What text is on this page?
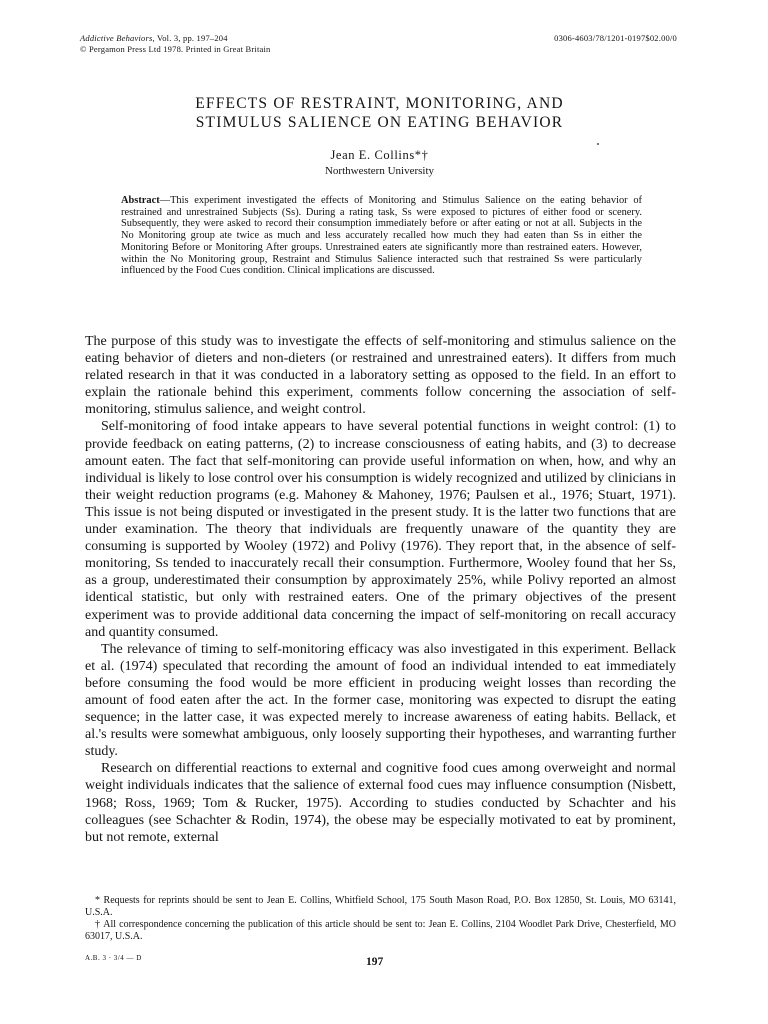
Addictive Behaviors, Vol. 3, pp. 197–204
© Pergamon Press Ltd 1978. Printed in Great Britain
0306-4603/78/1201-0197$02.00/0
EFFECTS OF RESTRAINT, MONITORING, AND
STIMULUS SALIENCE ON EATING BEHAVIOR
Jean E. Collins*†
Northwestern University

Abstract—This experiment investigated the effects of Monitoring and Stimulus Salience on the eating behavior of restrained and unrestrained Subjects (Ss). During a rating task, Ss were exposed to pictures of either food or scenery. Subsequently, they were asked to record their consumption immediately before or after eating or not at all. Subjects in the No Monitoring group ate twice as much and less accurately recalled how much they had eaten than Ss in either the Monitoring Before or Monitoring After groups. Unrestrained eaters ate significantly more than restrained eaters. However, within the No Monitoring group, Restraint and Stimulus Salience interacted such that restrained Ss were particularly influenced by the Food Cues condition. Clinical implications are discussed.

The purpose of this study was to investigate the effects of self-monitoring and stimulus salience on the eating behavior of dieters and non-dieters (or restrained and unrestrained eaters). It differs from much related research in that it was conducted in a laboratory setting as opposed to the field. In an effort to explain the rationale behind this experiment, comments follow concerning the association of self-monitoring, stimulus salience, and weight control.

Self-monitoring of food intake appears to have several potential functions in weight control: (1) to provide feedback on eating patterns, (2) to increase consciousness of eating habits, and (3) to decrease amount eaten. The fact that self-monitoring can provide useful information on when, how, and why an individual is likely to lose control over his consumption is widely recognized and utilized by clinicians in their weight reduction programs (e.g. Mahoney & Mahoney, 1976; Paulsen et al., 1976; Stuart, 1971). This issue is not being disputed or investigated in the present study. It is the latter two functions that are under examination. The theory that individuals are frequently unaware of the quantity they are consuming is supported by Wooley (1972) and Polivy (1976). They report that, in the absence of self-monitoring, Ss tended to inaccurately recall their consumption. Furthermore, Wooley found that her Ss, as a group, underestimated their consumption by approximately 25%, while Polivy reported an almost identical statistic, but only with restrained eaters. One of the primary objectives of the present experiment was to provide additional data concerning the impact of self-monitoring on recall accuracy and quantity consumed.

The relevance of timing to self-monitoring efficacy was also investigated in this experiment. Bellack et al. (1974) speculated that recording the amount of food an individual intended to eat immediately before consuming the food would be more efficient in producing weight losses than recording the amount of food eaten after the act. In the former case, monitoring was expected to disrupt the eating sequence; in the latter case, it was expected merely to increase awareness of eating habits. Bellack, et al.'s results were somewhat ambiguous, only loosely supporting their hypotheses, and warranting further study.

Research on differential reactions to external and cognitive food cues among overweight and normal weight individuals indicates that the salience of external food cues may influence consumption (Nisbett, 1968; Ross, 1969; Tom & Rucker, 1975). According to studies conducted by Schachter and his colleagues (see Schachter & Rodin, 1974), the obese may be especially motivated to eat by prominent, but not remote, external

* Requests for reprints should be sent to Jean E. Collins, Whitfield School, 175 South Mason Road, P.O. Box 12850, St. Louis, MO 63141, U.S.A.

† All correspondence concerning the publication of this article should be sent to: Jean E. Collins, 2104 Woodlet Park Drive, Chesterfield, MO 63017, U.S.A.

A.B. 3 · 3/4 — D	197
